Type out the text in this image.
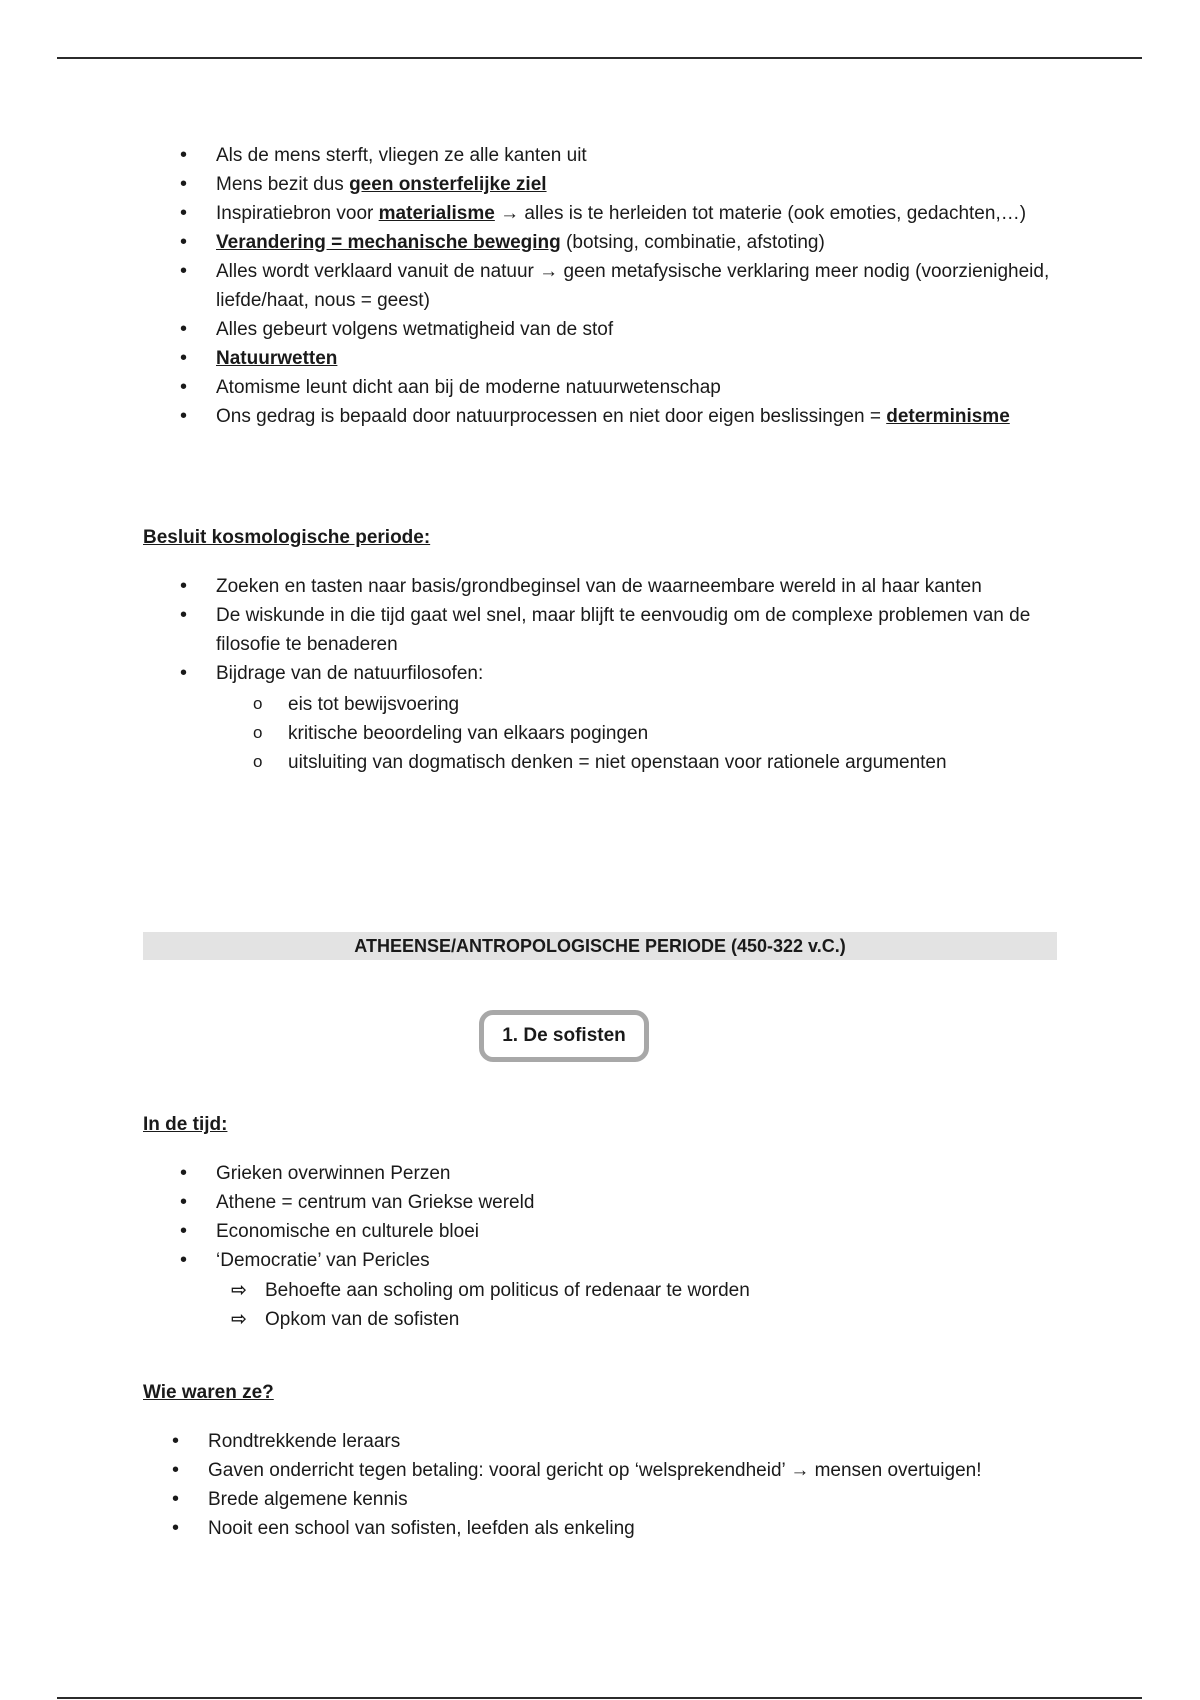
• Als de mens sterft, vliegen ze alle kanten uit
• Mens bezit dus geen onsterfelijke ziel
• Inspiratiebron voor materialisme → alles is te herleiden tot materie (ook emoties, gedachten,…)
• Verandering = mechanische beweging (botsing, combinatie, afstoting)
• Alles wordt verklaard vanuit de natuur → geen metafysische verklaring meer nodig (voorzienigheid, liefde/haat, nous = geest)
• Alles gebeurt volgens wetmatigheid van de stof
• Natuurwetten
• Atomisme leunt dicht aan bij de moderne natuurwetenschap
• Ons gedrag is bepaald door natuurprocessen en niet door eigen beslissingen = determinisme
Besluit kosmologische periode:
• Zoeken en tasten naar basis/grondbeginsel van de waarneembare wereld in al haar kanten
• De wiskunde in die tijd gaat wel snel, maar blijft te eenvoudig om de complexe problemen van de filosofie te benaderen
• Bijdrage van de natuurfilosofen:
o eis tot bewijsvoering
o kritische beoordeling van elkaars pogingen
o uitsluiting van dogmatisch denken = niet openstaan voor rationele argumenten
ATHEENSE/ANTROPOLOGISCHE PERIODE (450-322 v.C.)
1. De sofisten
In de tijd:
• Grieken overwinnen Perzen
• Athene = centrum van Griekse wereld
• Economische en culturele bloei
• ‘Democratie’ van Pericles
⇨ Behoefte aan scholing om politicus of redenaar te worden
⇨ Opkom van de sofisten
Wie waren ze?
• Rondtrekkende leraars
• Gaven onderricht tegen betaling: vooral gericht op ‘welsprekendheid’ → mensen overtuigen!
• Brede algemene kennis
• Nooit een school van sofisten, leefden als enkeling
